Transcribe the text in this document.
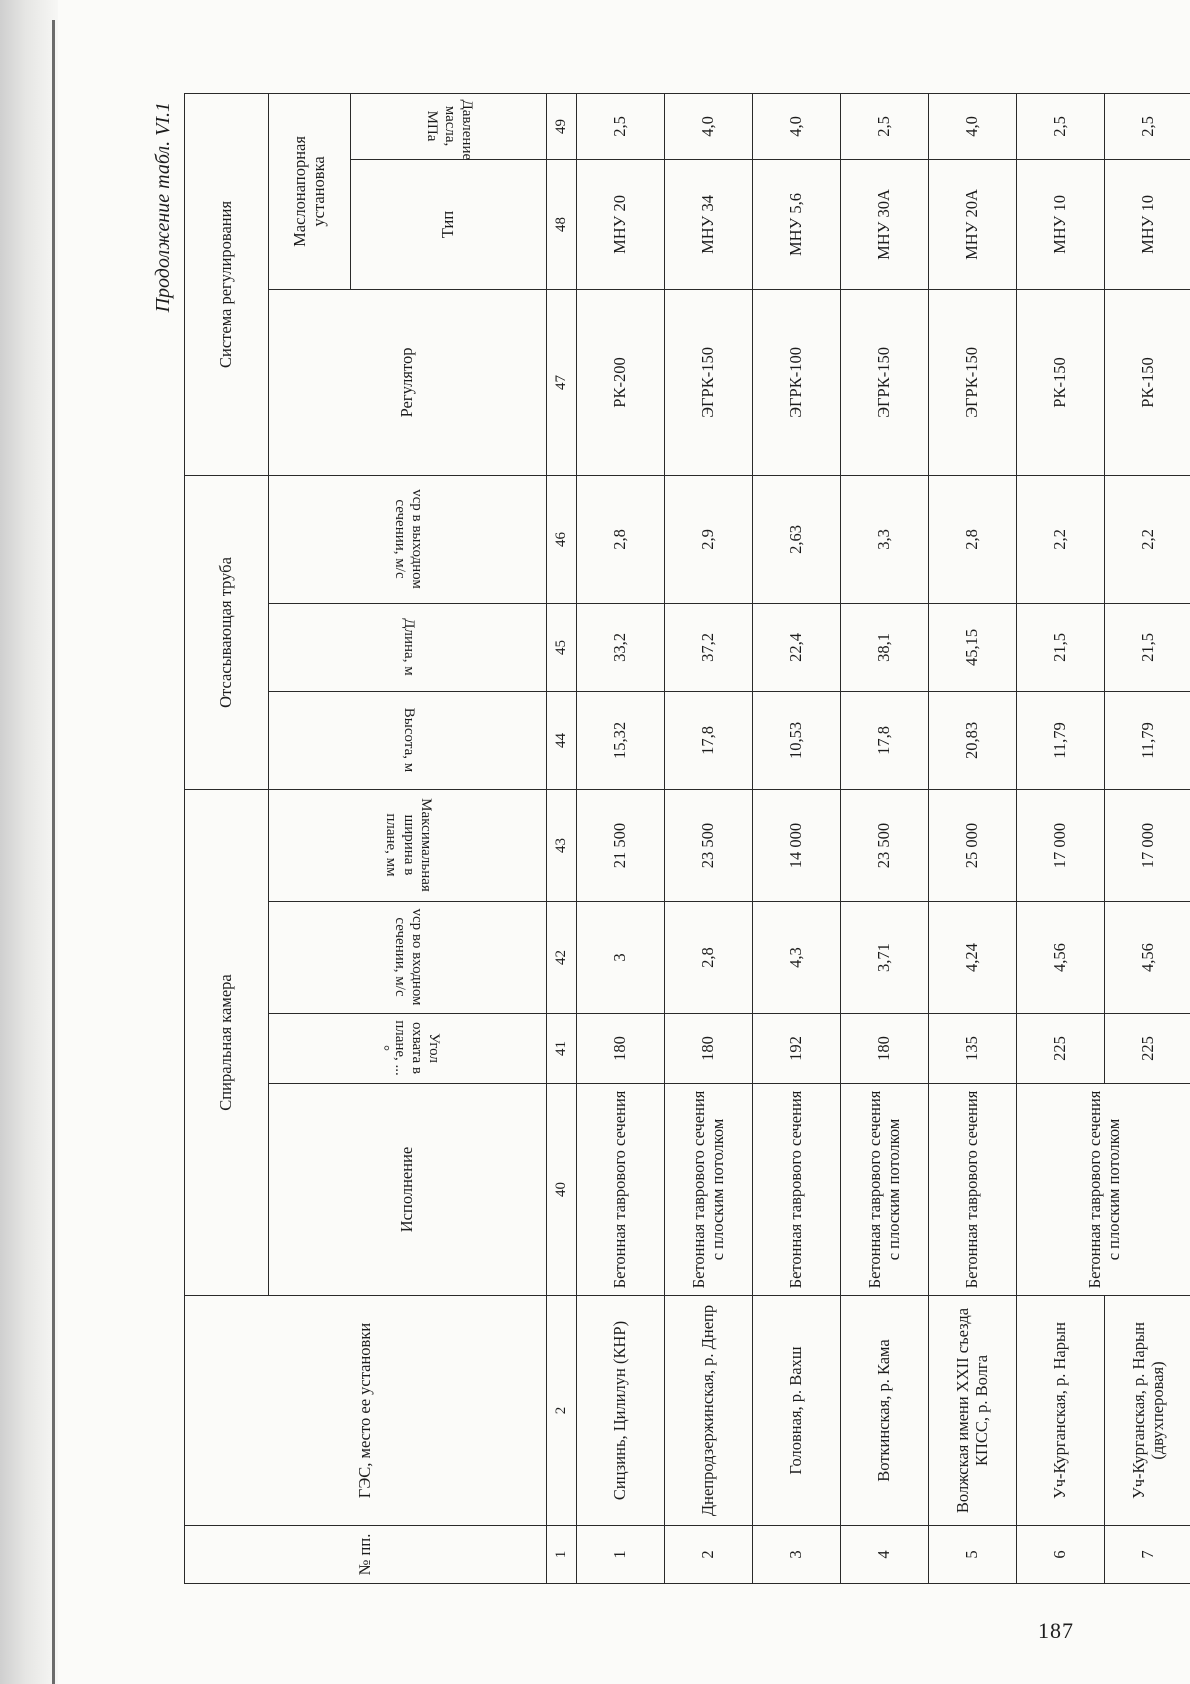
Продолжение табл. VI.1
№ пп.	ГЭС, место ее установки	Спиральная камера				Отсасывающая труба			Система регулирования		
		Исполнение	Угол охвата в плане, ...°	vср во входном сечении, м/с	Максимальная ширина в плане, мм	Высота, м	Длина, м	vср в выходном сечении, м/с	Регулятор	Маслонапорная установка	
										Тип	Давление масла, МПа
1	2	40	41	42	43	44	45	46	47	48	49
1	Сицзинь, Цилилун (КНР)	Бетонная таврового сечения	180	3	21 500	15,32	33,2	2,8	РК-200	МНУ 20	2,5
2	Днепродзержинская, р. Днепр	Бетонная таврового сечения с плоским потолком	180	2,8	23 500	17,8	37,2	2,9	ЭГРК-150	МНУ 34	4,0
3	Головная, р. Вахш	Бетонная таврового сечения	192	4,3	14 000	10,53	22,4	2,63	ЭГРК-100	МНУ 5,6	4,0
4	Воткинская, р. Кама	Бетонная таврового сечения с плоским потолком	180	3,71	23 500	17,8	38,1	3,3	ЭГРК-150	МНУ 30А	2,5
5	Волжская имени XXII съезда КПСС, р. Волга	Бетонная таврового сечения	135	4,24	25 000	20,83	45,15	2,8	ЭГРК-150	МНУ 20А	4,0
6	Уч-Курганская, р. Нарын	Бетонная таврового сечения с плоским потолком	225	4,56	17 000	11,79	21,5	2,2	РК-150	МНУ 10	2,5
7	Уч-Курганская, р. Нарын (двухперовая)		225	4,56	17 000	11,79	21,5	2,2	РК-150	МНУ 10	2,5
187
